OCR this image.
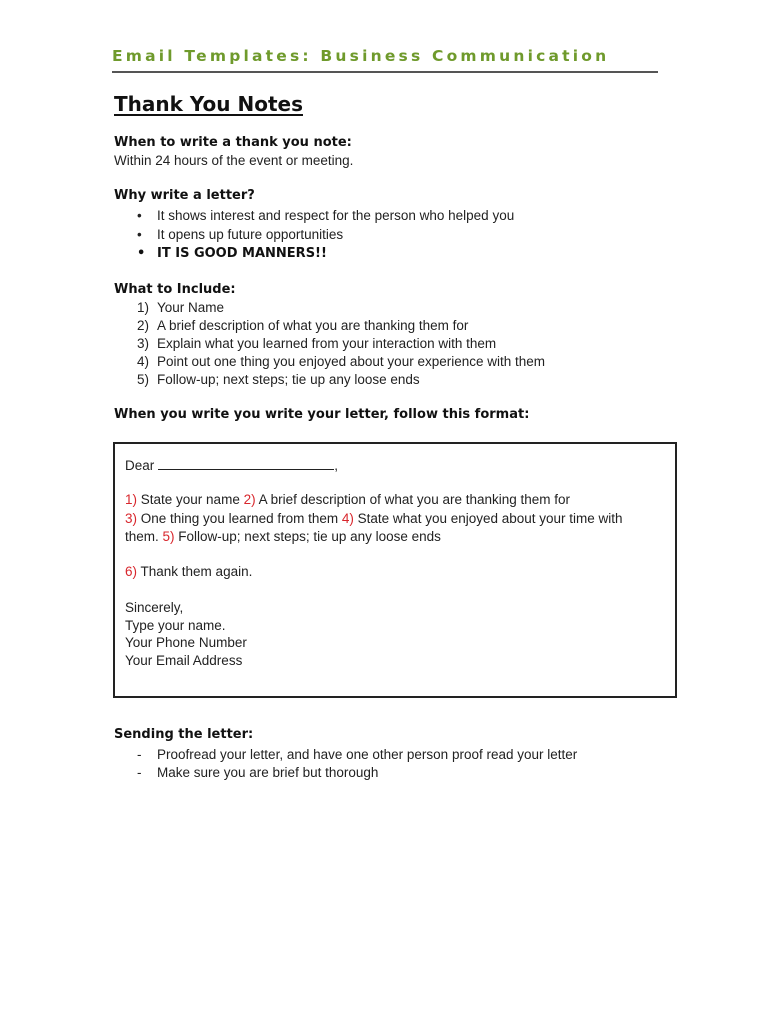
Email Templates: Business Communication
Thank You Notes
When to write a thank you note:
Within 24 hours of the event or meeting.
Why write a letter?
• It shows interest and respect for the person who helped you
• It opens up future opportunities
• IT IS GOOD MANNERS!!
What to Include:
1) Your Name
2) A brief description of what you are thanking them for
3) Explain what you learned from your interaction with them
4) Point out one thing you enjoyed about your experience with them
5) Follow-up; next steps; tie up any loose ends
When you write you write your letter, follow this format:
Dear	,
1) State your name 2) A brief description of what you are thanking them for
3) One thing you learned from them 4) State what you enjoyed about your time with
them. 5) Follow-up; next steps; tie up any loose ends
6) Thank them again.
Sincerely,
Type your name.
Your Phone Number
Your Email Address
Sending the letter:
- Proofread your letter, and have one other person proof read your letter
- Make sure you are brief but thorough
